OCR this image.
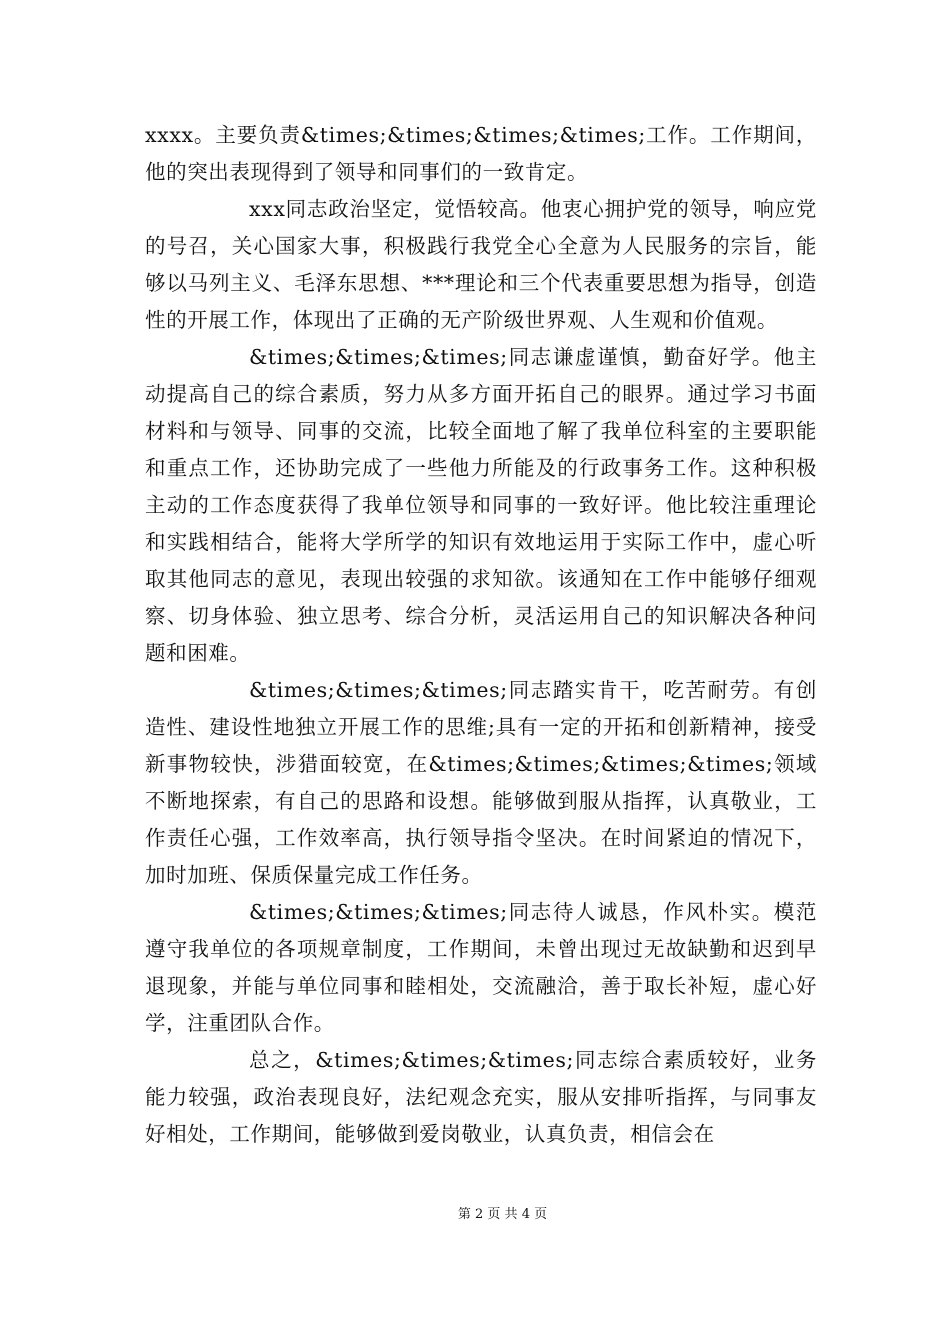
xxxx。主要负责&times;&times;&times;&times;工作。工作期间，他的突出表现得到了领导和同事们的一致肯定。

xxx同志政治坚定，觉悟较高。他衷心拥护党的领导，响应党的号召，关心国家大事，积极践行我党全心全意为人民服务的宗旨，能够以马列主义、毛泽东思想、***理论和三个代表重要思想为指导，创造性的开展工作，体现出了正确的无产阶级世界观、人生观和价值观。

&times;&times;&times;同志谦虚谨慎，勤奋好学。他主动提高自己的综合素质，努力从多方面开拓自己的眼界。通过学习书面材料和与领导、同事的交流，比较全面地了解了我单位科室的主要职能和重点工作，还协助完成了一些他力所能及的行政事务工作。这种积极主动的工作态度获得了我单位领导和同事的一致好评。他比较注重理论和实践相结合，能将大学所学的知识有效地运用于实际工作中，虚心听取其他同志的意见，表现出较强的求知欲。该通知在工作中能够仔细观察、切身体验、独立思考、综合分析，灵活运用自己的知识解决各种问题和困难。

&times;&times;&times;同志踏实肯干，吃苦耐劳。有创造性、建设性地独立开展工作的思维;具有一定的开拓和创新精神，接受新事物较快，涉猎面较宽，在&times;&times;&times;&times;领域不断地探索，有自己的思路和设想。能够做到服从指挥，认真敬业，工作责任心强，工作效率高，执行领导指令坚决。在时间紧迫的情况下，加时加班、保质保量完成工作任务。

&times;&times;&times;同志待人诚恳，作风朴实。模范遵守我单位的各项规章制度，工作期间，未曾出现过无故缺勤和迟到早退现象，并能与单位同事和睦相处，交流融洽，善于取长补短，虚心好学，注重团队合作。

总之，&times;&times;&times;同志综合素质较好，业务能力较强，政治表现良好，法纪观念充实，服从安排听指挥，与同事友好相处，工作期间，能够做到爱岗敬业，认真负责，相信会在

第 2 页 共 4 页
